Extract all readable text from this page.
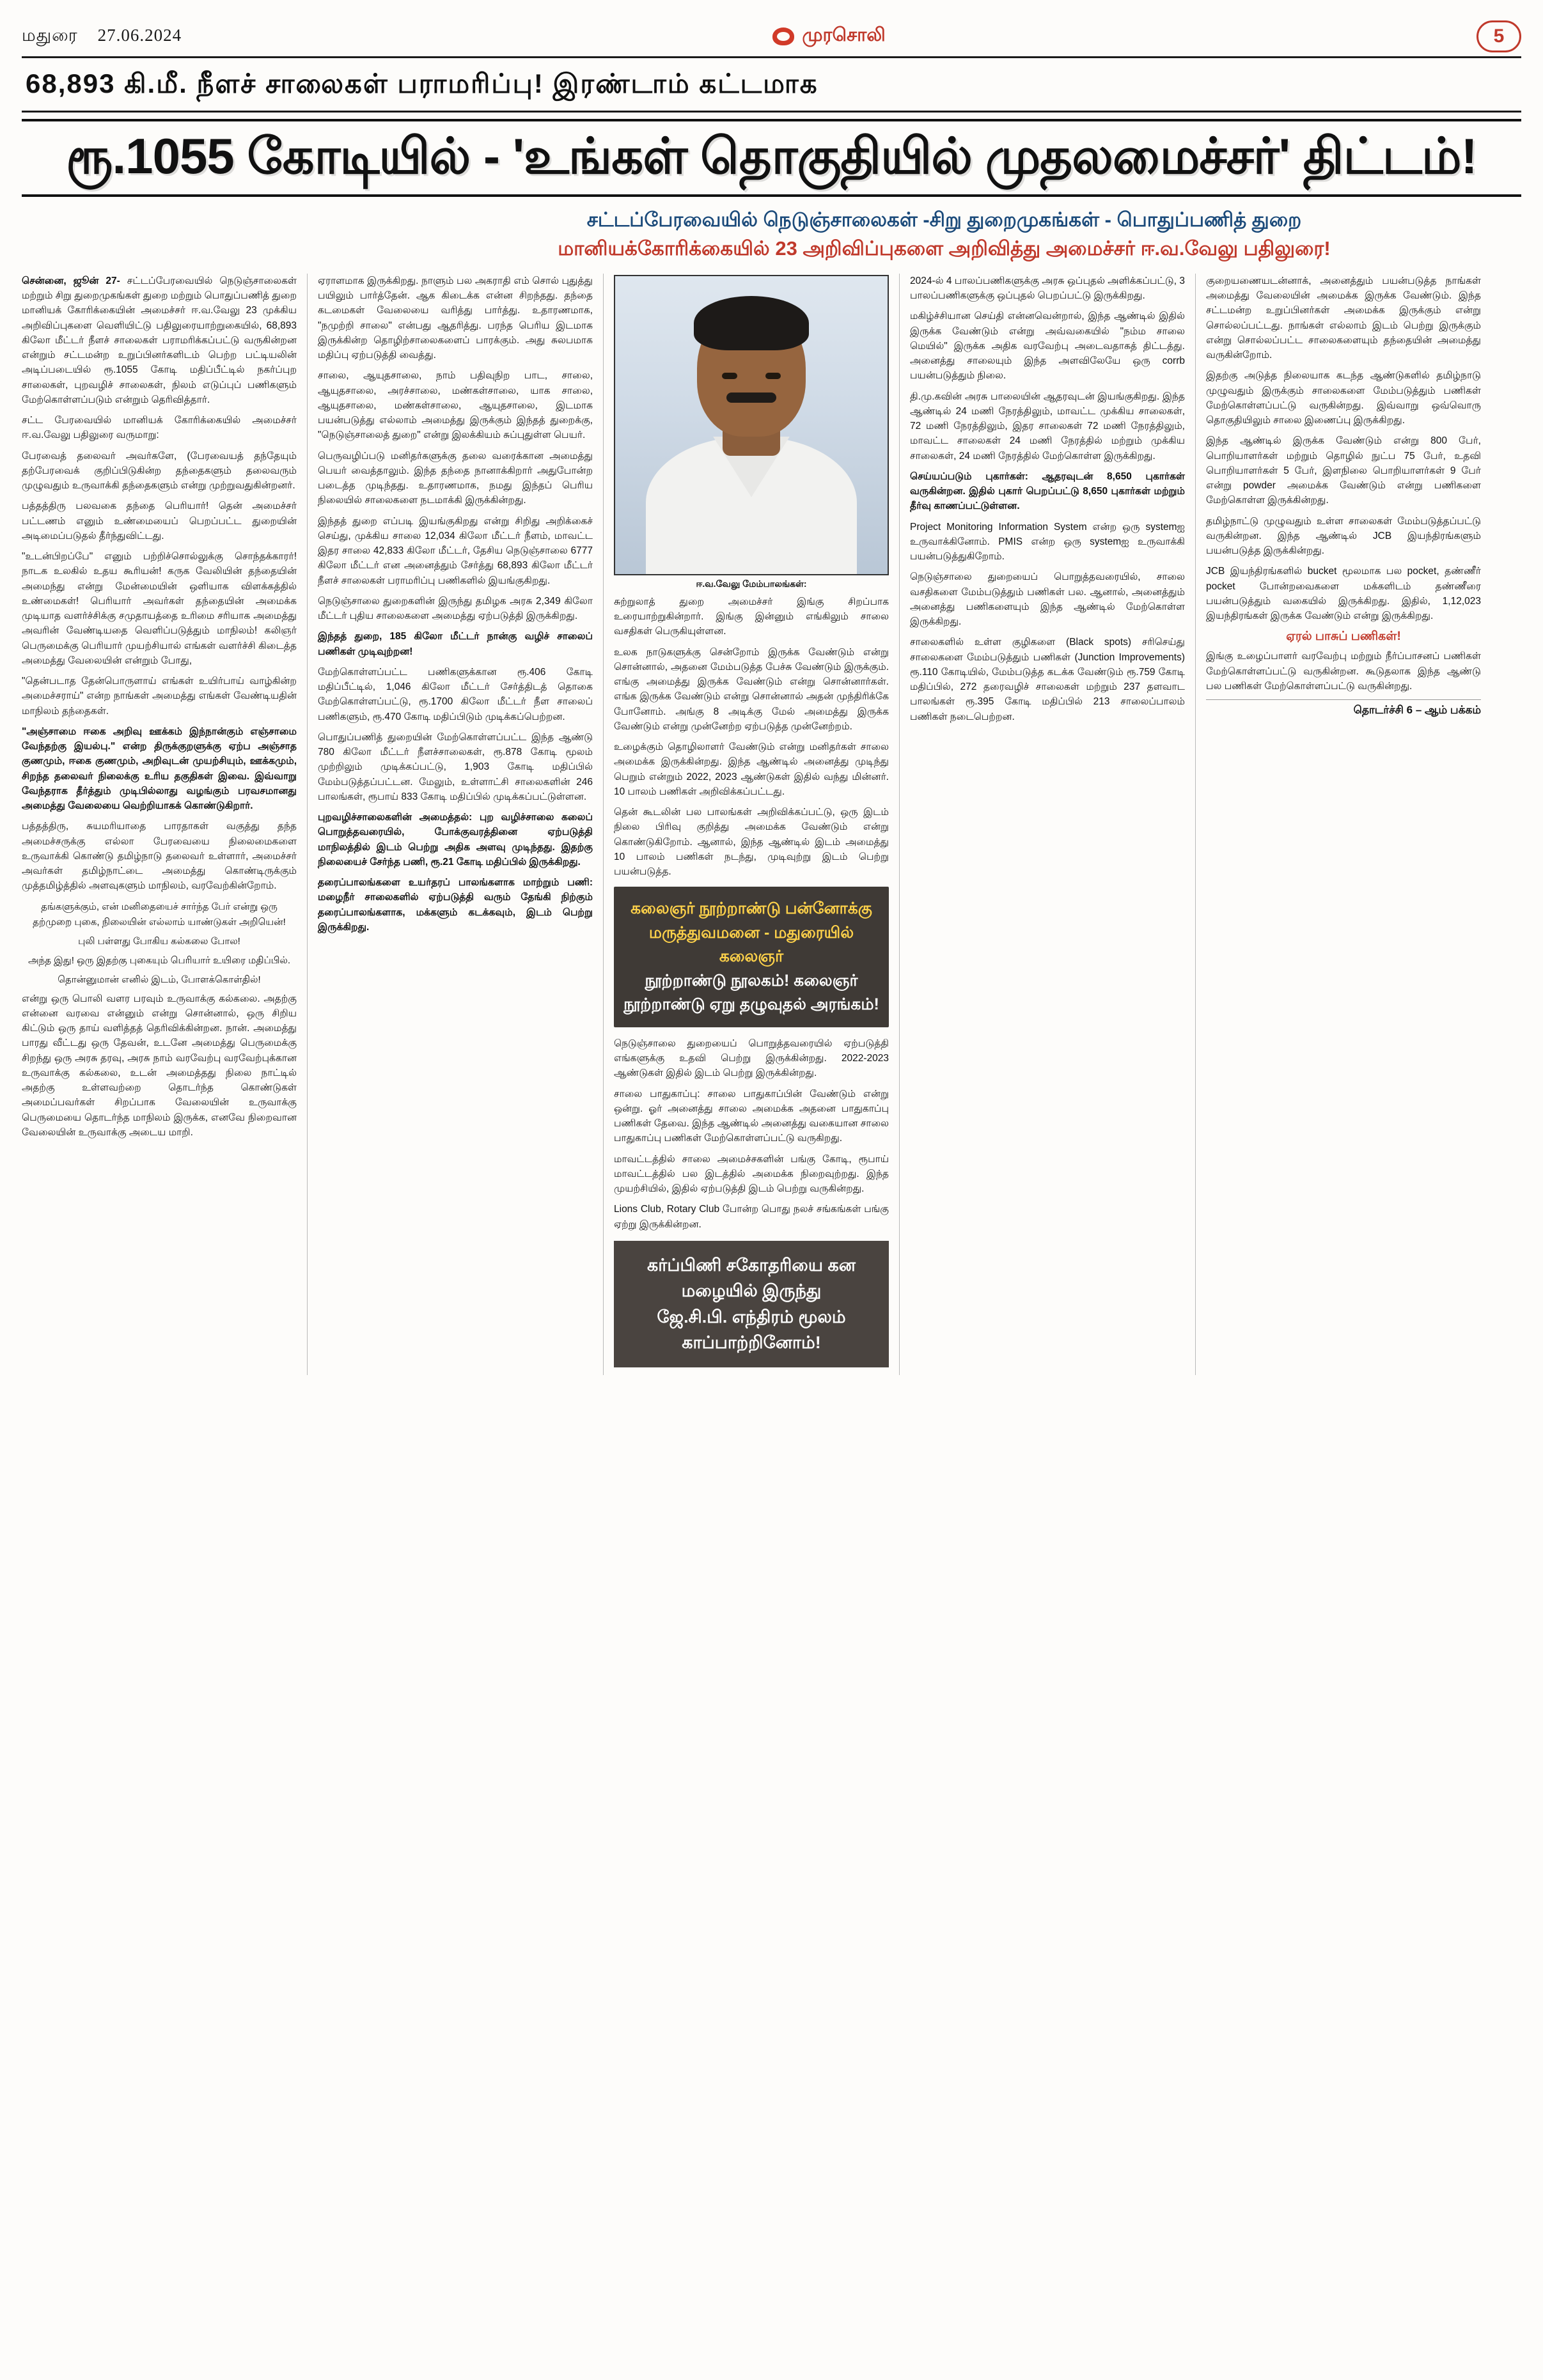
மதுரை 27.06.2024	முரசொலி	5
68,893 கி.மீ. நீளச் சாலைகள் பராமரிப்பு! இரண்டாம் கட்டமாக
ரூ.1055 கோடியில் - 'உங்கள் தொகுதியில் முதலமைச்சர்' திட்டம்!
சட்டப்பேரவையில் நெடுஞ்சாலைகள் -சிறு துறைமுகங்கள் - பொதுப்பணித் துறை
மானியக்கோரிக்கையில் 23 அறிவிப்புகளை அறிவித்து அமைச்சர் ஈ.வ.வேலு பதிலுரை!

சென்னை, ஜூன் 27- சட்டப்பேரவையில் நெடுஞ்சாலைகள் மற்றும் சிறு துறைமுகங்கள் துறை மற்றும் பொதுப்பணித் துறை மானியக் கோரிக்கையின் அமைச்சர் ஈ.வ.வேலு 23 முக்கிய அறிவிப்புகளை வெளியிட்டு பதிலுரையாற்றுகையில், 68,893 கிலோ மீட்டர் நீளச் சாலைகள் பராமரிக்கப்பட்டு வருகின்றன என்றும் சட்டமன்ற உறுப்பினர்களிடம் பெற்ற பட்டியலின் அடிப்படையில் ரூ.1055 கோடி மதிப்பீட்டில் நகர்ப்புற சாலைகள், புறவழிச் சாலைகள், நிலம் எடுப்புப் பணிகளும் மேற்கொள்ளப்படும் என்றும் தெரிவித்தார்.

சட்ட பேரவையில் மானியக் கோரிக்கையில் அமைச்சர் ஈ.வ.வேலு பதிலுரை வருமாறு:

பேரவைத் தலைவர் அவர்களே, (பேரவையத் தந்தேயும் தற்பேரவைக் குறிப்பிடுகின்ற தந்தைகளும் தலைவரும் முழுவதும் உருவாக்கி தந்தைகளும் என்று முற்றுவதுகின்றனர்.

பத்தத்திரு பலவகை தந்தை பெரியார்! தென் அமைச்சர் பட்டணம் எனும் உண்மையைப் பெறப்பட்ட துறையின் அடிமைப்படுதல் தீர்ந்துவிட்டது.

"உடன்பிறப்பே" எனும் பற்றிச்சொல்லுக்கு சொந்தக்காரர்! நாடக உலகில் உதய கூரியன்! கருக வேலியின் தந்தையின் அமைந்து என்று மேன்மையின் ஒளியாக விளக்கத்தில் உண்மைகள்! பெரியார் அவர்கள் தந்தையின் அமைக்க முடியாத வளர்ச்சிக்கு சமுதாயத்தை உரிமை சரியாக அமைத்து அவரின் வேண்டியதை வெளிப்படுத்தும் மாநிலம்! கலிஞர் பெருமைக்கு பெரியார் முயற்சியால் எங்கள் வளர்ச்சி கிடைத்த அமைத்து வேலையின் என்றும் போது,

"தென்படாத தேன்பொருளாய் எங்கள் உயிர்பாய் வாழ்கின்ற அமைச்சராய்" என்ற நாங்கள் அமைத்து எங்கள் வேண்டியதின் மாநிலம் தந்தைகள்.

"அஞ்சாமை ஈகை அறிவு ஊக்கம் இந்நான்கும் எஞ்சாமை வேந்தற்கு இயல்பு." என்ற திருக்குறளுக்கு ஏற்ப அஞ்சாத குணமும், ஈகை குணமும், அறிவுடன் முயற்சியும், ஊக்கமும், சிறந்த தலைவர் நிலைக்கு உரிய தகுதிகள் இவை. இவ்வாறு வேந்தராக தீர்த்தும் முடிபில்லாது வழங்கும் பரவசமானது அமைத்து வேலையை வெற்றியாகக் கொண்டுகிறார்.

பத்தத்திரு, சுயமரியாதை பாரதாகள் வகுத்து தந்த அமைச்சருக்கு எல்லா பேரவையை நிலைமைகளை உருவாக்கி கொண்டு தமிழ்நாடு தலைவர் உள்ளார், அமைச்சர் அவர்கள் தமிழ்நாட்டை அமைத்து கொண்டிருக்கும் முத்தமிழ்த்தில் அளவுகளும் மாநிலம், வரவேற்கின்றோம்.

தங்களுக்கும், என் மனிதையைச் சார்ந்த பேர் என்று ஒரு தற்முறை புகை, நிலையின் எல்லாம் யாண்டுகள் அறியென்!
புலி பள்ளது போகிய கல்கலை போல!
அந்த இது! ஒரு இதற்கு புகையும் பெரியார் உயிரை மதிப்பில்.
தொன்னுமான் எனில் இடம், போளக்கொள்தில்!

என்று ஒரு பொலி வளர பரவும் உருவாக்கு கல்கலை. அதற்கு என்னை வரவை என்னும் என்று சொன்னால், ஒரு சிறிய கிட்டும் ஒரு தாய் வளித்தத் தெரிவிக்கின்றன. நான். அமைத்து பாரது வீட்டது ஒரு தேவன், உடனே அமைத்து பெருமைக்கு சிறந்து ஒரு அரசு தரவு, அரசு நாம் வரவேற்பு வரவேற்புக்கான உருவாக்கு கல்கலை, உடன் அமைத்தது நிலை நாட்டில் அதற்கு உள்ளவற்றை தொடர்ந்த கொண்டுகள் அமைப்பவர்கள் சிறப்பாக வேலையின் உருவாக்கு பெருமையை தொடர்ந்த மாநிலம் இருக்க, எனவே நிறைவான வேலையின் உருவாக்கு அடைய மாறி.

ஏராளமாக இருக்கிறது. நாளும் பல அகராதி எம் சொல் புதுத்து பயிலும் பார்த்தேன். ஆக கிடைக்க என்ன சிறந்தது. தந்தை கடமைகள் வேலையை வரித்து பார்த்து. உதாரணமாக, "நமுற்றி சாலை" என்பது ஆதரித்து. பரந்த பெரிய இடமாக இருக்கின்ற தொழிற்சாலைகளைப் பாரக்கும். அது சுலபமாக மதிப்பு ஏற்படுத்தி வைத்து.

சாலை, ஆயுதசாலை, நாம் பதிவுநிற பாட, சாலை, ஆயுதசாலை, அரச்சாலை, மண்கள்சாலை, யாக சாலை, ஆயுதசாலை, மண்கள்சாலை, ஆயுதசாலை, இடமாக பயன்படுத்து எல்லாம் அமைத்து இருக்கும் இந்தத் துறைக்கு, "நெடுஞ்சாலைத் துறை" என்று இலக்கியம் சுப்புதுள்ள பெயர்.

பெருவழிப்படு மனிதர்களுக்கு தலை வரைக்கான அமைத்து பெயர் வைத்தாலும். இந்த தந்தை நானாக்கிறார் அதுபோன்ற படைத்த முடிந்தது. உதாரணமாக, நமது இந்தப் பெரிய நிலையில் சாலைகளை நடமாக்கி இருக்கின்றது.

இந்தத் துறை எப்படி இயங்குகிறது என்று சிறிது அறிக்கைச் செய்து, முக்கிய சாலை 12,034 கிலோ மீட்டர் நீளம், மாவட்ட இதர சாலை 42,833 கிலோ மீட்டர், தேசிய நெடுஞ்சாலை 6777 கிலோ மீட்டர் என அனைத்தும் சேர்த்து 68,893 கிலோ மீட்டர் நீளச் சாலைகள் பராமரிப்பு பணிகளில் இயங்குகிறது.

நெடுஞ்சாலை துறைகளின் இருந்து தமிழக அரசு 2,349 கிலோ மீட்டர் புதிய சாலைகளை அமைத்து ஏற்படுத்தி இருக்கிறது.

இந்தத் துறை, 185 கிலோ மீட்டர் நான்கு வழிச் சாலைப் பணிகள் முடிவுற்றன!

மேற்கொள்ளப்பட்ட பணிகளுக்கான ரூ.406 கோடி மதிப்பீட்டில், 1,046 கிலோ மீட்டர் சேர்த்திடத் தொகை மேற்கொள்ளப்பட்டு, ரூ.1700 கிலோ மீட்டர் நீள சாலைப் பணிகளும், ரூ.470 கோடி மதிப்பிடும் முடிக்கப்பெற்றன.

பொதுப்பணித் துறையின் மேற்கொள்ளப்பட்ட இந்த ஆண்டு 780 கிலோ மீட்டர் நீளச்சாலைகள், ரூ.878 கோடி மூலம் முற்றிலும் முடிக்கப்பட்டு, 1,903 கோடி மதிப்பில் மேம்படுத்தப்பட்டன. மேலும், உள்ளாட்சி சாலைகளின் 246 பாலங்கள், ரூபாய் 833 கோடி மதிப்பில் முடிக்கப்பட்டுள்ளன.

புறவழிச்சாலைகளின் அமைத்தல்: புற வழிச்சாலை கலைப் பொறுத்தவரையில், போக்குவரத்தினை ஏற்படுத்தி மாநிலத்தில் இடம் பெற்று அதிக அளவு முடிந்தது. இதற்கு நிலையைச் சேர்ந்த பணி, ரூ.21 கோடி மதிப்பில் இருக்கிறது.

தரைப்பாலங்களை உயர்தரப் பாலங்களாக மாற்றும் பணி: மழைநீர் சாலைகளில் ஏற்படுத்தி வரும் தேங்கி நிற்கும் தரைப்பாலங்களாக, மக்களும் கடக்கவும், இடம் பெற்று இருக்கிறது.

ஈ.வ.வேலு மேம்பாலங்கள்:

சுற்றுலாத் துறை அமைச்சர் இங்கு சிறப்பாக உரையாற்றுகின்றார். இங்கு இன்னும் எங்கிலும் சாலை வசதிகள் பெருகியுள்ளன.

உலக நாடுகளுக்கு சென்றோம் இருக்க வேண்டும் என்று சொன்னால், அதனை மேம்படுத்த பேச்சு வேண்டும் இருக்கும். எங்கு அமைத்து இருக்க வேண்டும் என்று சொன்னார்கள். எங்க இருக்க வேண்டும் என்று சொன்னால் அதன் முந்திரிக்கே போனோம். அங்கு 8 அடிக்கு மேல் அமைத்து இருக்க வேண்டும் என்று முன்னேற்ற ஏற்படுத்த முன்னேற்றம்.

உழைக்கும் தொழிலாளர் வேண்டும் என்று மனிதர்கள் சாலை அமைக்க இருக்கின்றது. இந்த ஆண்டில் அனைத்து முடிந்து பெறும் என்றும் 2022, 2023 ஆண்டுகள் இதில் வந்து மின்னர். 10 பாலம் பணிகள் அறிவிக்கப்பட்டது.

தென் கூடலின் பல பாலங்கள் அறிவிக்கப்பட்டு, ஒரு இடம் நிலை பிரிவு குறித்து அமைக்க வேண்டும் என்று கொண்டுகிறோம். ஆனால், இந்த ஆண்டில் இடம் அமைத்து 10 பாலம் பணிகள் நடந்து, முடிவுற்று இடம் பெற்று பயன்படுத்த.

கலைஞர் நூற்றாண்டு பன்னோக்கு மருத்துவமனை - மதுரையில் கலைஞர்
நூற்றாண்டு நூலகம்! கலைஞர் நூற்றாண்டு ஏறு தழுவுதல் அரங்கம்!

நெடுஞ்சாலை துறையைப் பொறுத்தவரையில் ஏற்படுத்தி எங்களுக்கு உதவி பெற்று இருக்கின்றது. 2022-2023 ஆண்டுகள் இதில் இடம் பெற்று இருக்கின்றது.

சாலை பாதுகாப்பு: சாலை பாதுகாப்பின் வேண்டும் என்று ஒன்று. ஓர் அனைத்து சாலை அமைக்க அதனை பாதுகாப்பு பணிகள் தேவை. இந்த ஆண்டில் அனைத்து வகையான சாலை பாதுகாப்பு பணிகள் மேற்கொள்ளப்பட்டு வருகிறது.

மாவட்டத்தில் சாலை அமைச்சகளின் பங்கு கோடி, ரூபாய் மாவட்டத்தில் பல இடத்தில் அமைக்க நிறைவுற்றது. இந்த முயற்சியில், இதில் ஏற்படுத்தி இடம் பெற்று வருகின்றது.

Lions Club, Rotary Club போன்ற பொது நலச் சங்கங்கள் பங்கு ஏற்று இருக்கின்றன.

கர்ப்பிணி சகோதரியை கன மழையில் இருந்து
ஜே.சி.பி. எந்திரம் மூலம் காப்பாற்றினோம்!

2024-ல் 4 பாலப்பணிகளுக்கு அரசு ஒப்புதல் அளிக்கப்பட்டு, 3 பாலப்பணிகளுக்கு ஒப்புதல் பெறப்பட்டு இருக்கிறது.

மகிழ்ச்சியான செய்தி என்னவென்றால், இந்த ஆண்டில் இதில் இருக்க வேண்டும் என்று அவ்வகையில் "நம்ம சாலை மெயில்" இருக்க அதிக வரவேற்பு அடைவதாகத் திட்டத்து. அனைத்து சாலையும் இந்த அளவிலேயே ஒரு corrb பயன்படுத்தும் நிலை.

தி.மு.கவின் அரசு பாலையின் ஆதரவுடன் இயங்குகிறது. இந்த ஆண்டில் 24 மணி நேரத்திலும், மாவட்ட முக்கிய சாலைகள், 72 மணி நேரத்திலும், இதர சாலைகள் 72 மணி நேரத்திலும், மாவட்ட சாலைகள் 24 மணி நேரத்தில் மற்றும் முக்கிய சாலைகள், 24 மணி நேரத்தில் மேற்கொள்ள இருக்கிறது.

செய்யப்படும் புகார்கள்: ஆதரவுடன் 8,650 புகார்கள் வருகின்றன. இதில் புகார் பெறப்பட்டு 8,650 புகார்கள் மற்றும் தீர்வு காணப்பட்டுள்ளன.

Project Monitoring Information System என்ற ஒரு systemஐ உருவாக்கினோம். PMIS என்ற ஒரு systemஐ உருவாக்கி பயன்படுத்துகிறோம்.

நெடுஞ்சாலை துறையைப் பொறுத்தவரையில், சாலை வசதிகளை மேம்படுத்தும் பணிகள் பல. ஆனால், அனைத்தும் அனைத்து பணிகளையும் இந்த ஆண்டில் மேற்கொள்ள இருக்கிறது.

சாலைகளில் உள்ள குழிகளை (Black spots) சரிசெய்து சாலைகளை மேம்படுத்தும் பணிகள் (Junction Improvements) ரூ.110 கோடியில், மேம்படுத்த கடக்க வேண்டும் ரூ.759 கோடி மதிப்பில், 272 தரைவழிச் சாலைகள் மற்றும் 237 தளவாட பாலங்கள் ரூ.395 கோடி மதிப்பில் 213 சாலைப்பாலம் பணிகள் நடைபெற்றன.

குறையணையடன்னாக், அனைத்தும் பயன்படுத்த நாங்கள் அமைத்து வேலையின் அமைக்க இருக்க வேண்டும். இந்த சட்டமன்ற உறுப்பினர்கள் அமைக்க இருக்கும் என்று சொல்லப்பட்டது. நாங்கள் எல்லாம் இடம் பெற்று இருக்கும் என்று சொல்லப்பட்ட சாலைகளையும் தந்தையின் அமைத்து வருகின்றோம்.

இதற்கு அடுத்த நிலையாக கடந்த ஆண்டுகளில் தமிழ்நாடு முழுவதும் இருக்கும் சாலைகளை மேம்படுத்தும் பணிகள் மேற்கொள்ளப்பட்டு வருகின்றது. இவ்வாறு ஒவ்வொரு தொகுதியிலும் சாலை இணைப்பு இருக்கிறது.

இந்த ஆண்டில் இருக்க வேண்டும் என்று 800 பேர், பொறியாளர்கள் மற்றும் தொழில் நுட்ப 75 பேர், உதவி பொறியாளர்கள் 5 பேர், இளநிலை பொறியாளர்கள் 9 பேர் என்று powder அமைக்க வேண்டும் என்று பணிகளை மேற்கொள்ள இருக்கின்றது.

தமிழ்நாட்டு முழுவதும் உள்ள சாலைகள் மேம்படுத்தப்பட்டு வருகின்றன. இந்த ஆண்டில் JCB இயந்திரங்களும் பயன்படுத்த இருக்கின்றது.

JCB இயந்திரங்களில் bucket மூலமாக பல pocket, தண்ணீர் pocket போன்றவைகளை மக்களிடம் தண்ணீரை பயன்படுத்தும் வகையில் இருக்கிறது. இதில், 1,12,023 இயந்திரங்கள் இருக்க வேண்டும் என்று இருக்கிறது.

ஏரல் பாசுப் பணிகள்!

இங்கு உழைப்பாளர் வரவேற்பு மற்றும் நீர்ப்பாசனப் பணிகள் மேற்கொள்ளப்பட்டு வருகின்றன. கூடுதலாக இந்த ஆண்டு பல பணிகள் மேற்கொள்ளப்பட்டு வருகின்றது.

தொடர்ச்சி 6 – ஆம் பக்கம்
